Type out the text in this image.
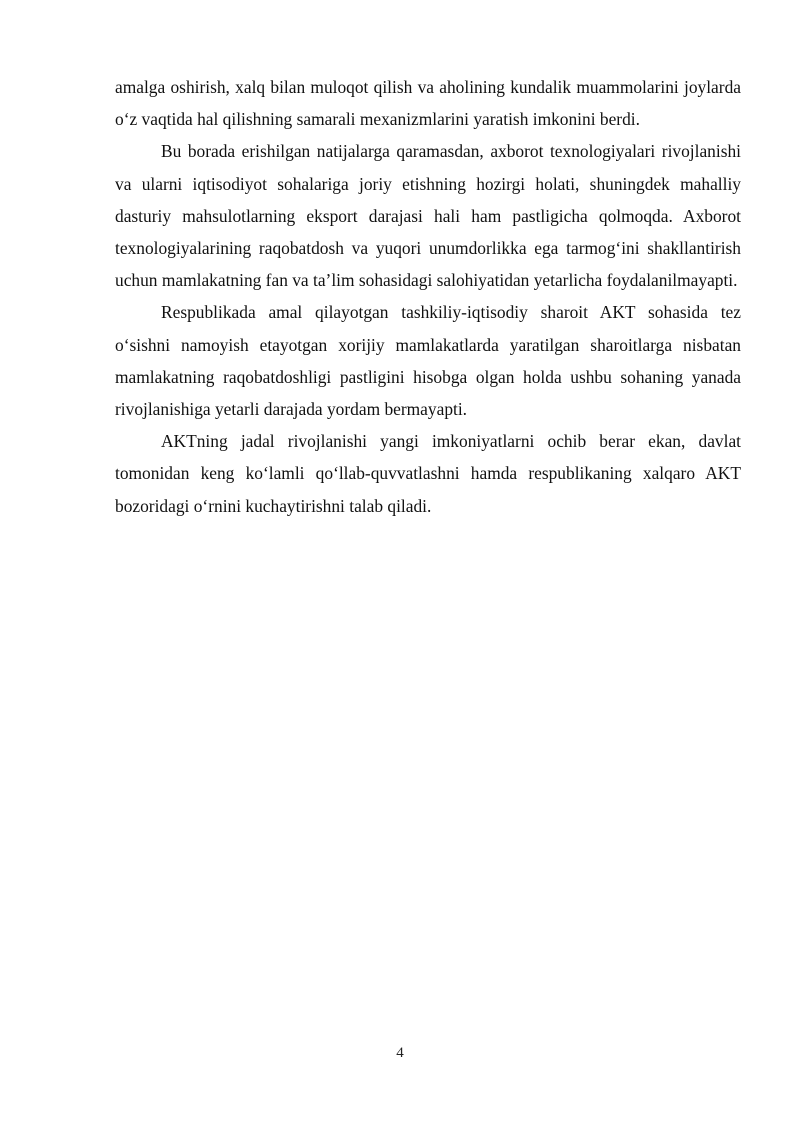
amalga oshirish, xalq bilan muloqot qilish va aholining kundalik muammolarini joylarda o‘z vaqtida hal qilishning samarali mexanizmlarini yaratish imkonini berdi.

Bu borada erishilgan natijalarga qaramasdan, axborot texnologiyalari rivojlanishi va ularni iqtisodiyot sohalariga joriy etishning hozirgi holati, shuningdek mahalliy dasturiy mahsulotlarning eksport darajasi hali ham pastligicha qolmoqda. Axborot texnologiyalarining raqobatdosh va yuqori unumdorlikka ega tarmog‘ini shakllantirish uchun mamlakatning fan va ta’lim sohasidagi salohiyatidan yetarlicha foydalanilmayapti.

Respublikada amal qilayotgan tashkiliy-iqtisodiy sharoit AKT sohasida tez o‘sishni namoyish etayotgan xorijiy mamlakatlarda yaratilgan sharoitlarga nisbatan mamlakatning raqobatdoshligi pastligini hisobga olgan holda ushbu sohaning yanada rivojlanishiga yetarli darajada yordam bermayapti.

AKTning jadal rivojlanishi yangi imkoniyatlarni ochib berar ekan, davlat tomonidan keng ko‘lamli qo‘llab-quvvatlashni hamda respublikaning xalqaro AKT bozoridagi o‘rnini kuchaytirishni talab qiladi.

4
